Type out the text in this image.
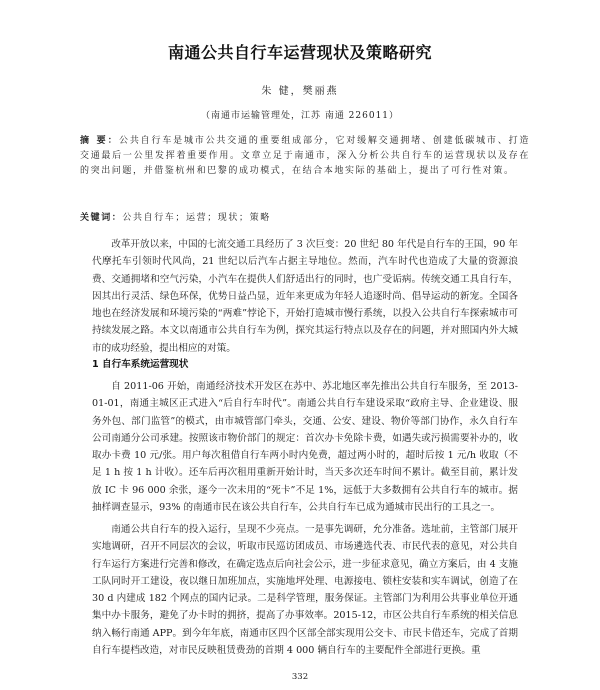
南通公共自行车运营现状及策略研究
朱 健，樊丽燕
（南通市运输管理处，江苏 南通 226011）
摘 要：公共自行车是城市公共交通的重要组成部分，它对缓解交通拥堵、创建低碳城市、打造交通最后一公里发挥着重要作用。文章立足于南通市，深入分析公共自行车的运营现状以及存在的突出问题，并借鉴杭州和巴黎的成功模式，在结合本地实际的基础上，提出了可行性对策。
关键词：公共自行车；运营；现状；策略

改革开放以来，中国的七流交通工具经历了 3 次巨变：20 世纪 80 年代是自行车的王国，90 年代摩托车引领时代风尚，21 世纪以后汽车占据主导地位。然而，汽车时代也造成了大量的资源浪费、交通拥堵和空气污染，小汽车在提供人们舒适出行的同时，也广受诟病。传统交通工具自行车，因其出行灵活、绿色环保，优势日益凸显，近年来更成为年轻人追逐时尚、倡导运动的新宠。全国各地也在经济发展和环境污染的“两难”悖论下，开始打造城市慢行系统，以投入公共自行车探索城市可持续发展之路。本文以南通市公共自行车为例，探究其运行特点以及存在的问题，并对照国内外大城市的成功经验，提出相应的对策。

1 自行车系统运营现状

自 2011-06 开始，南通经济技术开发区在苏中、苏北地区率先推出公共自行车服务，至 2013-01-01，南通主城区正式进入“后自行车时代”。南通公共自行车建设采取“政府主导、企业建设、服务外包、部门监管”的模式，由市城管部门牵头，交通、公安、建设、物价等部门协作，永久自行车公司南通分公司承建。按照该市物价部门的规定：首次办卡免除卡费，如遇失或污损需要补办的，收取办卡费 10 元/张。用户每次租借自行车两小时内免费，超过两小时的，超时后按 1 元/h 收取（不足 1 h 按 1 h 计收）。还车后再次租用重新开始计时，当天多次还车时间不累计。截至目前，累计发放 IC 卡 96 000 余张，逐今一次未用的“死卡”不足 1%，远低于大多数拥有公共自行车的城市。据抽样调查显示，93% 的南通市民在该公共自行车，公共自行车已成为通城市民出行的工具之一。

南通公共自行车的投入运行，呈现不少亮点。一是事先调研，允分准备。选址前，主管部门展开实地调研，召开不同层次的会议，听取市民巡访团成员、市场遴选代表、市民代表的意见，对公共自行车运行方案进行完善和修改，在确定选点后向社会公示，进一步征求意见，确立方案后，由 4 支施工队同时开工建设，夜以继日加班加点，实施地坪处理、电源接电、锁柱安装和实车调试，创造了在 30 d 内建成 182 个网点的国内记录。二是科学管理，服务保证。主管部门为利用公共事业单位开通集中办卡服务，避免了办卡时的拥挤，提高了办事效率。2015-12，市区公共自行车系统的相关信息纳入畅行南通 APP。到今年年底，南通市区四个区部全部实现用公交卡、市民卡借还车，完成了首期自行车提档改造，对市民反映租赁费劲的首期 4 000 辆自行车的主要配件全部进行更换。重

332
